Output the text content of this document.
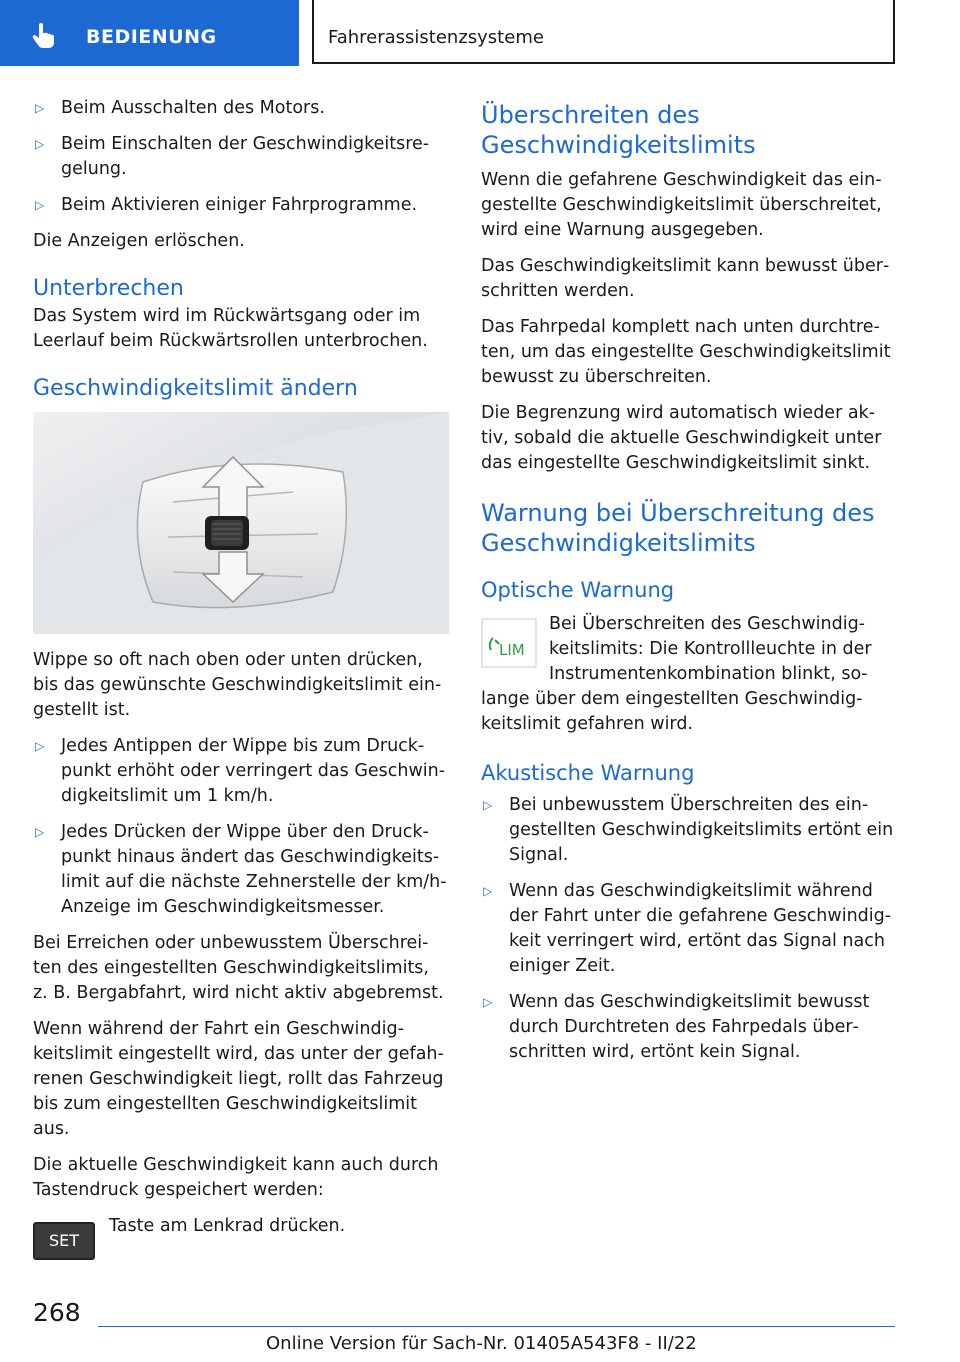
BEDIENUNG	Fahrerassistenzsysteme
▷ Beim Ausschalten des Motors.
▷ Beim Einschalten der Geschwindigkeitsre‐
gelung.
▷ Beim Aktivieren einiger Fahrprogramme.

Die Anzeigen erlöschen.

Unterbrechen

Das System wird im Rückwärtsgang oder im Leerlauf beim Rückwärtsrollen unterbrochen.

Geschwindigkeitslimit ändern

Wippe so oft nach oben oder unten drücken, bis das gewünschte Geschwindigkeitslimit ein‐ gestellt ist.

▷ Jedes Antippen der Wippe bis zum Druck‐ punkt erhöht oder verringert das Geschwin‐ digkeitslimit um 1 km/h.
▷ Jedes Drücken der Wippe über den Druck‐ punkt hinaus ändert das Geschwindigkeits‐ limit auf die nächste Zehnerstelle der km/h- Anzeige im Geschwindigkeitsmesser.

Bei Erreichen oder unbewusstem Überschrei‐ ten des eingestellten Geschwindigkeitslimits, z. B. Bergabfahrt, wird nicht aktiv abgebremst.

Wenn während der Fahrt ein Geschwindig‐ keitslimit eingestellt wird, das unter der gefah‐ renen Geschwindigkeit liegt, rollt das Fahrzeug bis zum eingestellten Geschwindigkeitslimit aus.

Die aktuelle Geschwindigkeit kann auch durch Tastendruck gespeichert werden:

SET
Taste am Lenkrad drücken.
Überschreiten des Geschwindigkeitslimits

Wenn die gefahrene Geschwindigkeit das ein‐ gestellte Geschwindigkeitslimit überschreitet, wird eine Warnung ausgegeben.

Das Geschwindigkeitslimit kann bewusst über‐ schritten werden.

Das Fahrpedal komplett nach unten durchtre‐ ten, um das eingestellte Geschwindigkeitslimit bewusst zu überschreiten.

Die Begrenzung wird automatisch wieder ak‐ tiv, sobald die aktuelle Geschwindigkeit unter das eingestellte Geschwindigkeitslimit sinkt.

Warnung bei Überschreitung des Geschwindigkeitslimits
Optische Warnung
LIM

Bei Überschreiten des Geschwindig‐ keitslimits: Die Kontrollleuchte in der Instrumentenkombination blinkt, so‐ lange über dem eingestellten Geschwindig‐ keitslimit gefahren wird.

Akustische Warnung
▷ Bei unbewusstem Überschreiten des ein‐ gestellten Geschwindigkeitslimits ertönt ein Signal.
▷ Wenn das Geschwindigkeitslimit während der Fahrt unter die gefahrene Geschwindig‐ keit verringert wird, ertönt das Signal nach einiger Zeit.
▷ Wenn das Geschwindigkeitslimit bewusst durch Durchtreten des Fahrpedals über‐ schritten wird, ertönt kein Signal.
268
Online Version für Sach-Nr. 01405A543F8 - II/22
